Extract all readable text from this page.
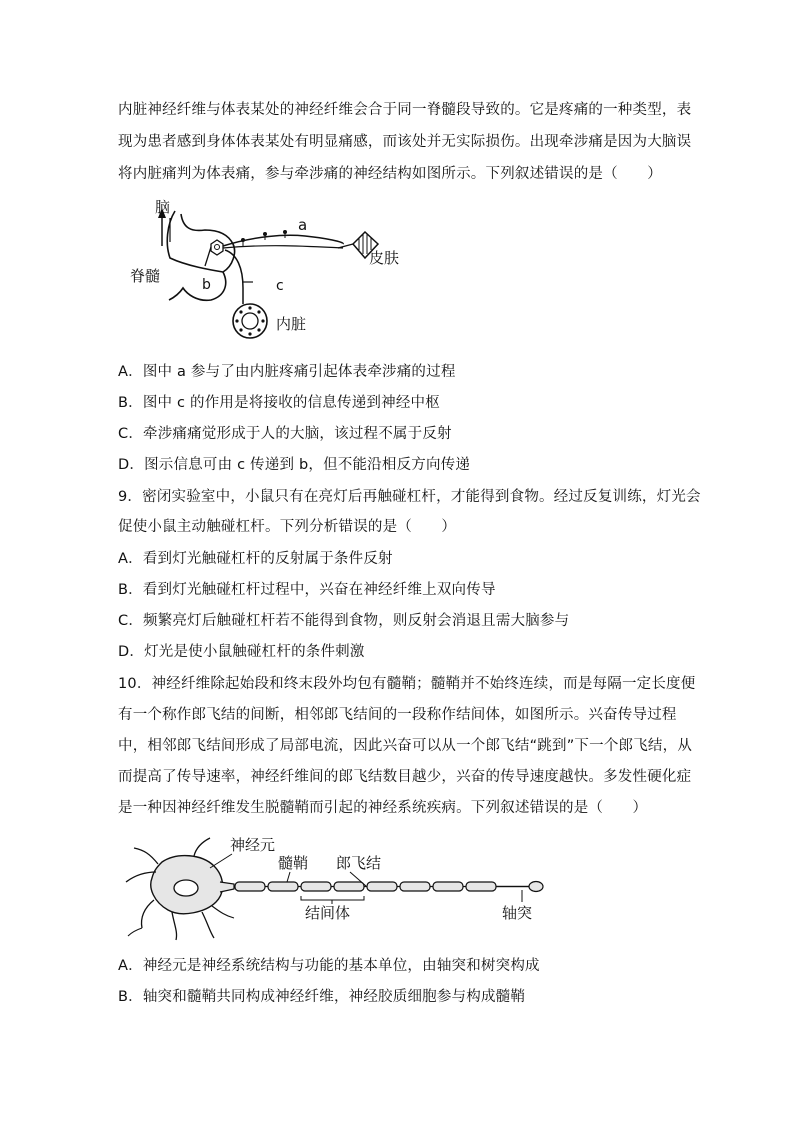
内脏神经纤维与体表某处的神经纤维会合于同一脊髓段导致的。它是疼痛的一种类型，表
现为患者感到身体体表某处有明显痛感，而该处并无实际损伤。出现牵涉痛是因为大脑误
将内脏痛判为体表痛，参与牵涉痛的神经结构如图所示。下列叙述错误的是（　　）
脑
b
a
皮肤
c
内脏
脊髓
A．图中 a 参与了由内脏疼痛引起体表牵涉痛的过程
B．图中 c 的作用是将接收的信息传递到神经中枢
C．牵涉痛痛觉形成于人的大脑，该过程不属于反射
D．图示信息可由 c 传递到 b，但不能沿相反方向传递
9．密闭实验室中，小鼠只有在亮灯后再触碰杠杆，才能得到食物。经过反复训练，灯光会
促使小鼠主动触碰杠杆。下列分析错误的是（　　）
A．看到灯光触碰杠杆的反射属于条件反射
B．看到灯光触碰杠杆过程中，兴奋在神经纤维上双向传导
C．频繁亮灯后触碰杠杆若不能得到食物，则反射会消退且需大脑参与
D．灯光是使小鼠触碰杠杆的条件刺激
10．神经纤维除起始段和终末段外均包有髓鞘；髓鞘并不始终连续，而是每隔一定长度便
有一个称作郎飞结的间断，相邻郎飞结间的一段称作结间体，如图所示。兴奋传导过程
中，相邻郎飞结间形成了局部电流，因此兴奋可以从一个郎飞结“跳到”下一个郎飞结，从
而提高了传导速率，神经纤维间的郎飞结数目越少，兴奋的传导速度越快。多发性硬化症
是一种因神经纤维发生脱髓鞘而引起的神经系统疾病。下列叙述错误的是（　　）
神经元
髓鞘 郎飞结
结间体	轴突
A．神经元是神经系统结构与功能的基本单位，由轴突和树突构成
B．轴突和髓鞘共同构成神经纤维，神经胶质细胞参与构成髓鞘
